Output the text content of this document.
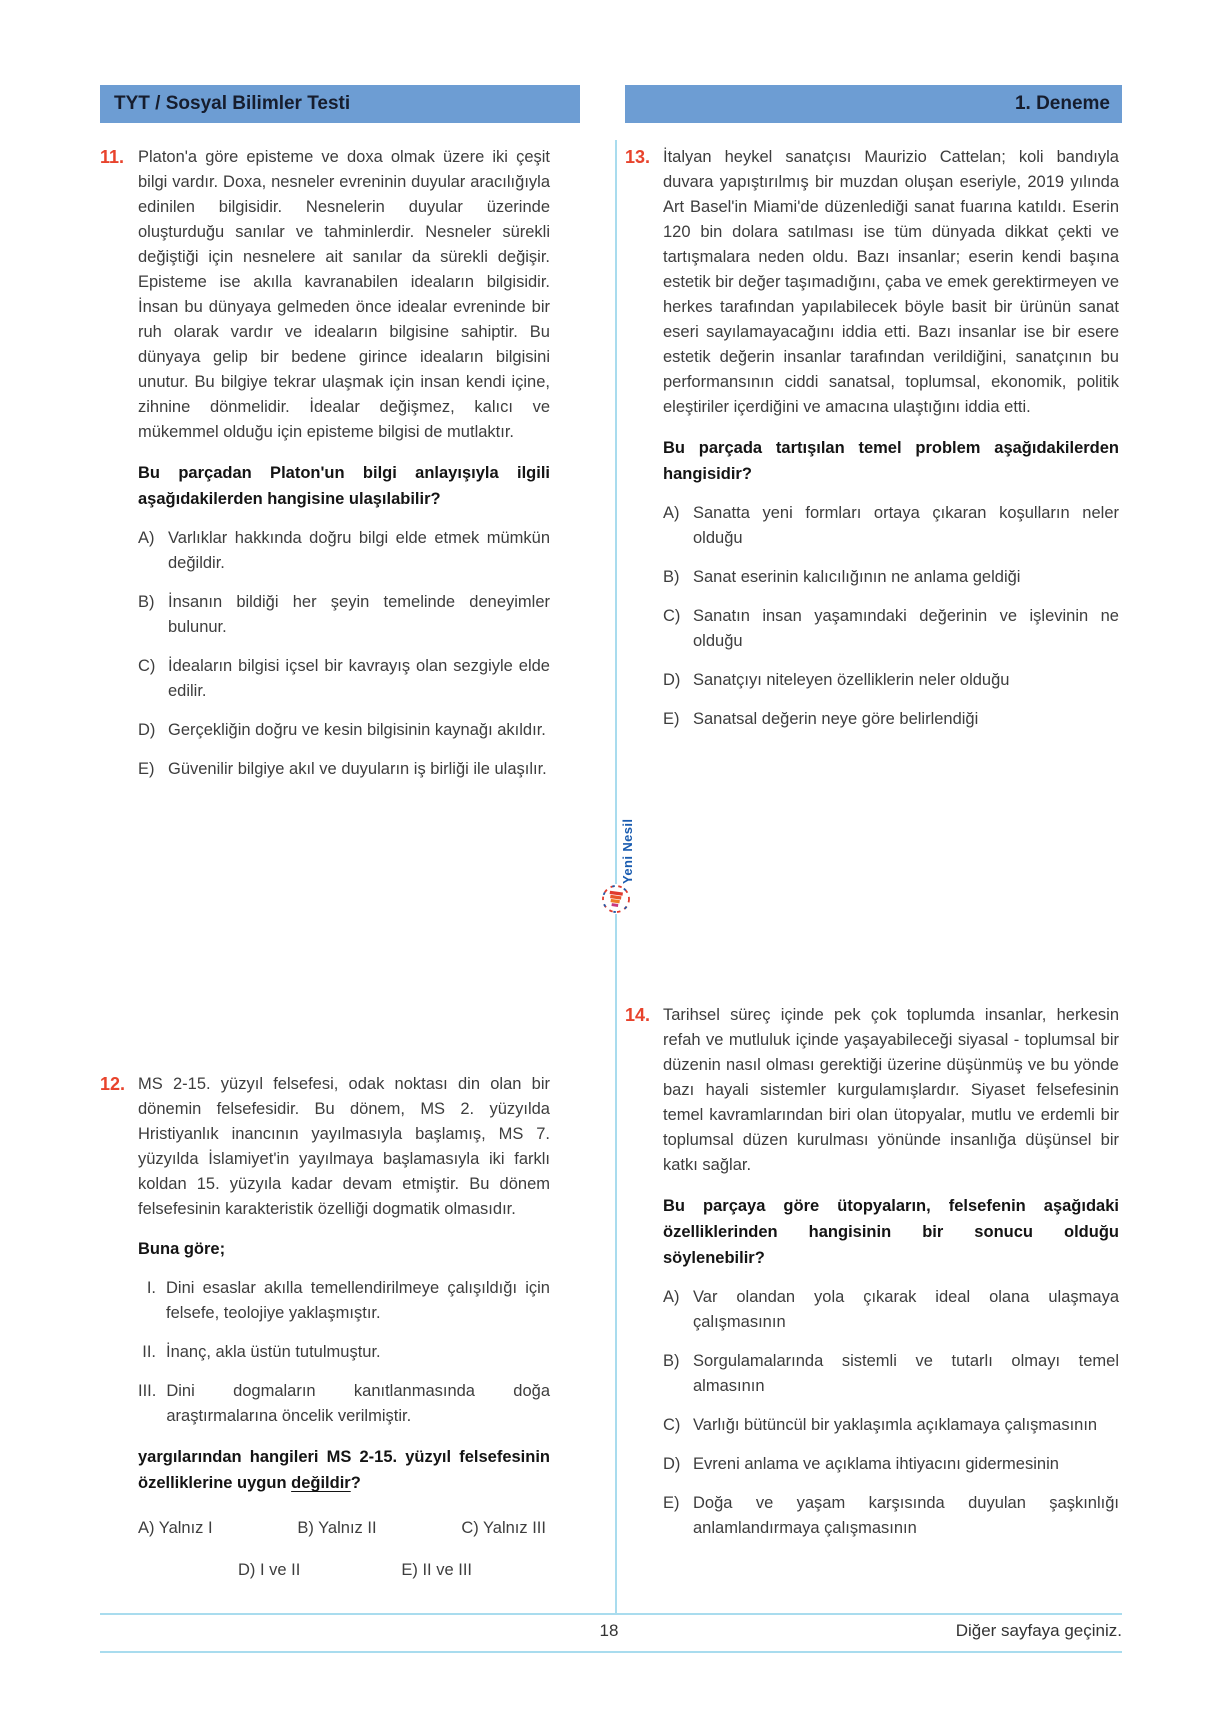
TYT / Sosyal Bilimler Testi	1. Deneme
Yeni Nesil
11. Platon'a göre episteme ve doxa olmak üzere iki çeşit bilgi vardır. Doxa, nesneler evreninin duyular aracılığıyla edinilen bilgisidir. Nesnelerin duyular üzerinde oluşturduğu sanılar ve tahminlerdir. Nesneler sürekli değiştiği için nesnelere ait sanılar da sürekli değişir. Episteme ise akılla kavranabilen ideaların bilgisidir. İnsan bu dünyaya gelmeden önce idealar evreninde bir ruh olarak vardır ve ideaların bilgisine sahiptir. Bu dünyaya gelip bir bedene girince ideaların bilgisini unutur. Bu bilgiye tekrar ulaşmak için insan kendi içine, zihnine dönmelidir. İdealar değişmez, kalıcı ve mükemmel olduğu için episteme bilgisi de mutlaktır.
Bu parçadan Platon'un bilgi anlayışıyla ilgili aşağıdakilerden hangisine ulaşılabilir?
A) Varlıklar hakkında doğru bilgi elde etmek mümkün değildir.
B) İnsanın bildiği her şeyin temelinde deneyimler bulunur.
C) İdeaların bilgisi içsel bir kavrayış olan sezgiyle elde edilir.
D) Gerçekliğin doğru ve kesin bilgisinin kaynağı akıldır.
E) Güvenilir bilgiye akıl ve duyuların iş birliği ile ulaşılır.
12. MS 2-15. yüzyıl felsefesi, odak noktası din olan bir dönemin felsefesidir. Bu dönem, MS 2. yüzyılda Hristiyanlık inancının yayılmasıyla başlamış, MS 7. yüzyılda İslamiyet'in yayılmaya başlamasıyla iki farklı koldan 15. yüzyıla kadar devam etmiştir. Bu dönem felsefesinin karakteristik özelliği dogmatik olmasıdır.
Buna göre;
I. Dini esaslar akılla temellendirilmeye çalışıldığı için felsefe, teolojiye yaklaşmıştır.
II. İnanç, akla üstün tutulmuştur.
III. Dini dogmaların kanıtlanmasında doğa araştırmalarına öncelik verilmiştir.
yargılarından hangileri MS 2-15. yüzyıl felsefesinin özelliklerine uygun değildir?
A) Yalnız I	B) Yalnız II	C) Yalnız III
D) I ve II	E) II ve III
13. İtalyan heykel sanatçısı Maurizio Cattelan; koli bandıyla duvara yapıştırılmış bir muzdan oluşan eseriyle, 2019 yılında Art Basel'in Miami'de düzenlediği sanat fuarına katıldı. Eserin 120 bin dolara satılması ise tüm dünyada dikkat çekti ve tartışmalara neden oldu. Bazı insanlar; eserin kendi başına estetik bir değer taşımadığını, çaba ve emek gerektirmeyen ve herkes tarafından yapılabilecek böyle basit bir ürünün sanat eseri sayılamayacağını iddia etti. Bazı insanlar ise bir esere estetik değerin insanlar tarafından verildiğini, sanatçının bu performansının ciddi sanatsal, toplumsal, ekonomik, politik eleştiriler içerdiğini ve amacına ulaştığını iddia etti.
Bu parçada tartışılan temel problem aşağıdakilerden hangisidir?
A) Sanatta yeni formları ortaya çıkaran koşulların neler olduğu
B) Sanat eserinin kalıcılığının ne anlama geldiği
C) Sanatın insan yaşamındaki değerinin ve işlevinin ne olduğu
D) Sanatçıyı niteleyen özelliklerin neler olduğu
E) Sanatsal değerin neye göre belirlendiği
14. Tarihsel süreç içinde pek çok toplumda insanlar, herkesin refah ve mutluluk içinde yaşayabileceği siyasal - toplumsal bir düzenin nasıl olması gerektiği üzerine düşünmüş ve bu yönde bazı hayali sistemler kurgulamışlardır. Siyaset felsefesinin temel kavramlarından biri olan ütopyalar, mutlu ve erdemli bir toplumsal düzen kurulması yönünde insanlığa düşünsel bir katkı sağlar.
Bu parçaya göre ütopyaların, felsefenin aşağıdaki özelliklerinden hangisinin bir sonucu olduğu söylenebilir?
A) Var olandan yola çıkarak ideal olana ulaşmaya çalışmasının
B) Sorgulamalarında sistemli ve tutarlı olmayı temel almasının
C) Varlığı bütüncül bir yaklaşımla açıklamaya çalışmasının
D) Evreni anlama ve açıklama ihtiyacını gidermesinin
E) Doğa ve yaşam karşısında duyulan şaşkınlığı anlamlandırmaya çalışmasının
18	Diğer sayfaya geçiniz.
